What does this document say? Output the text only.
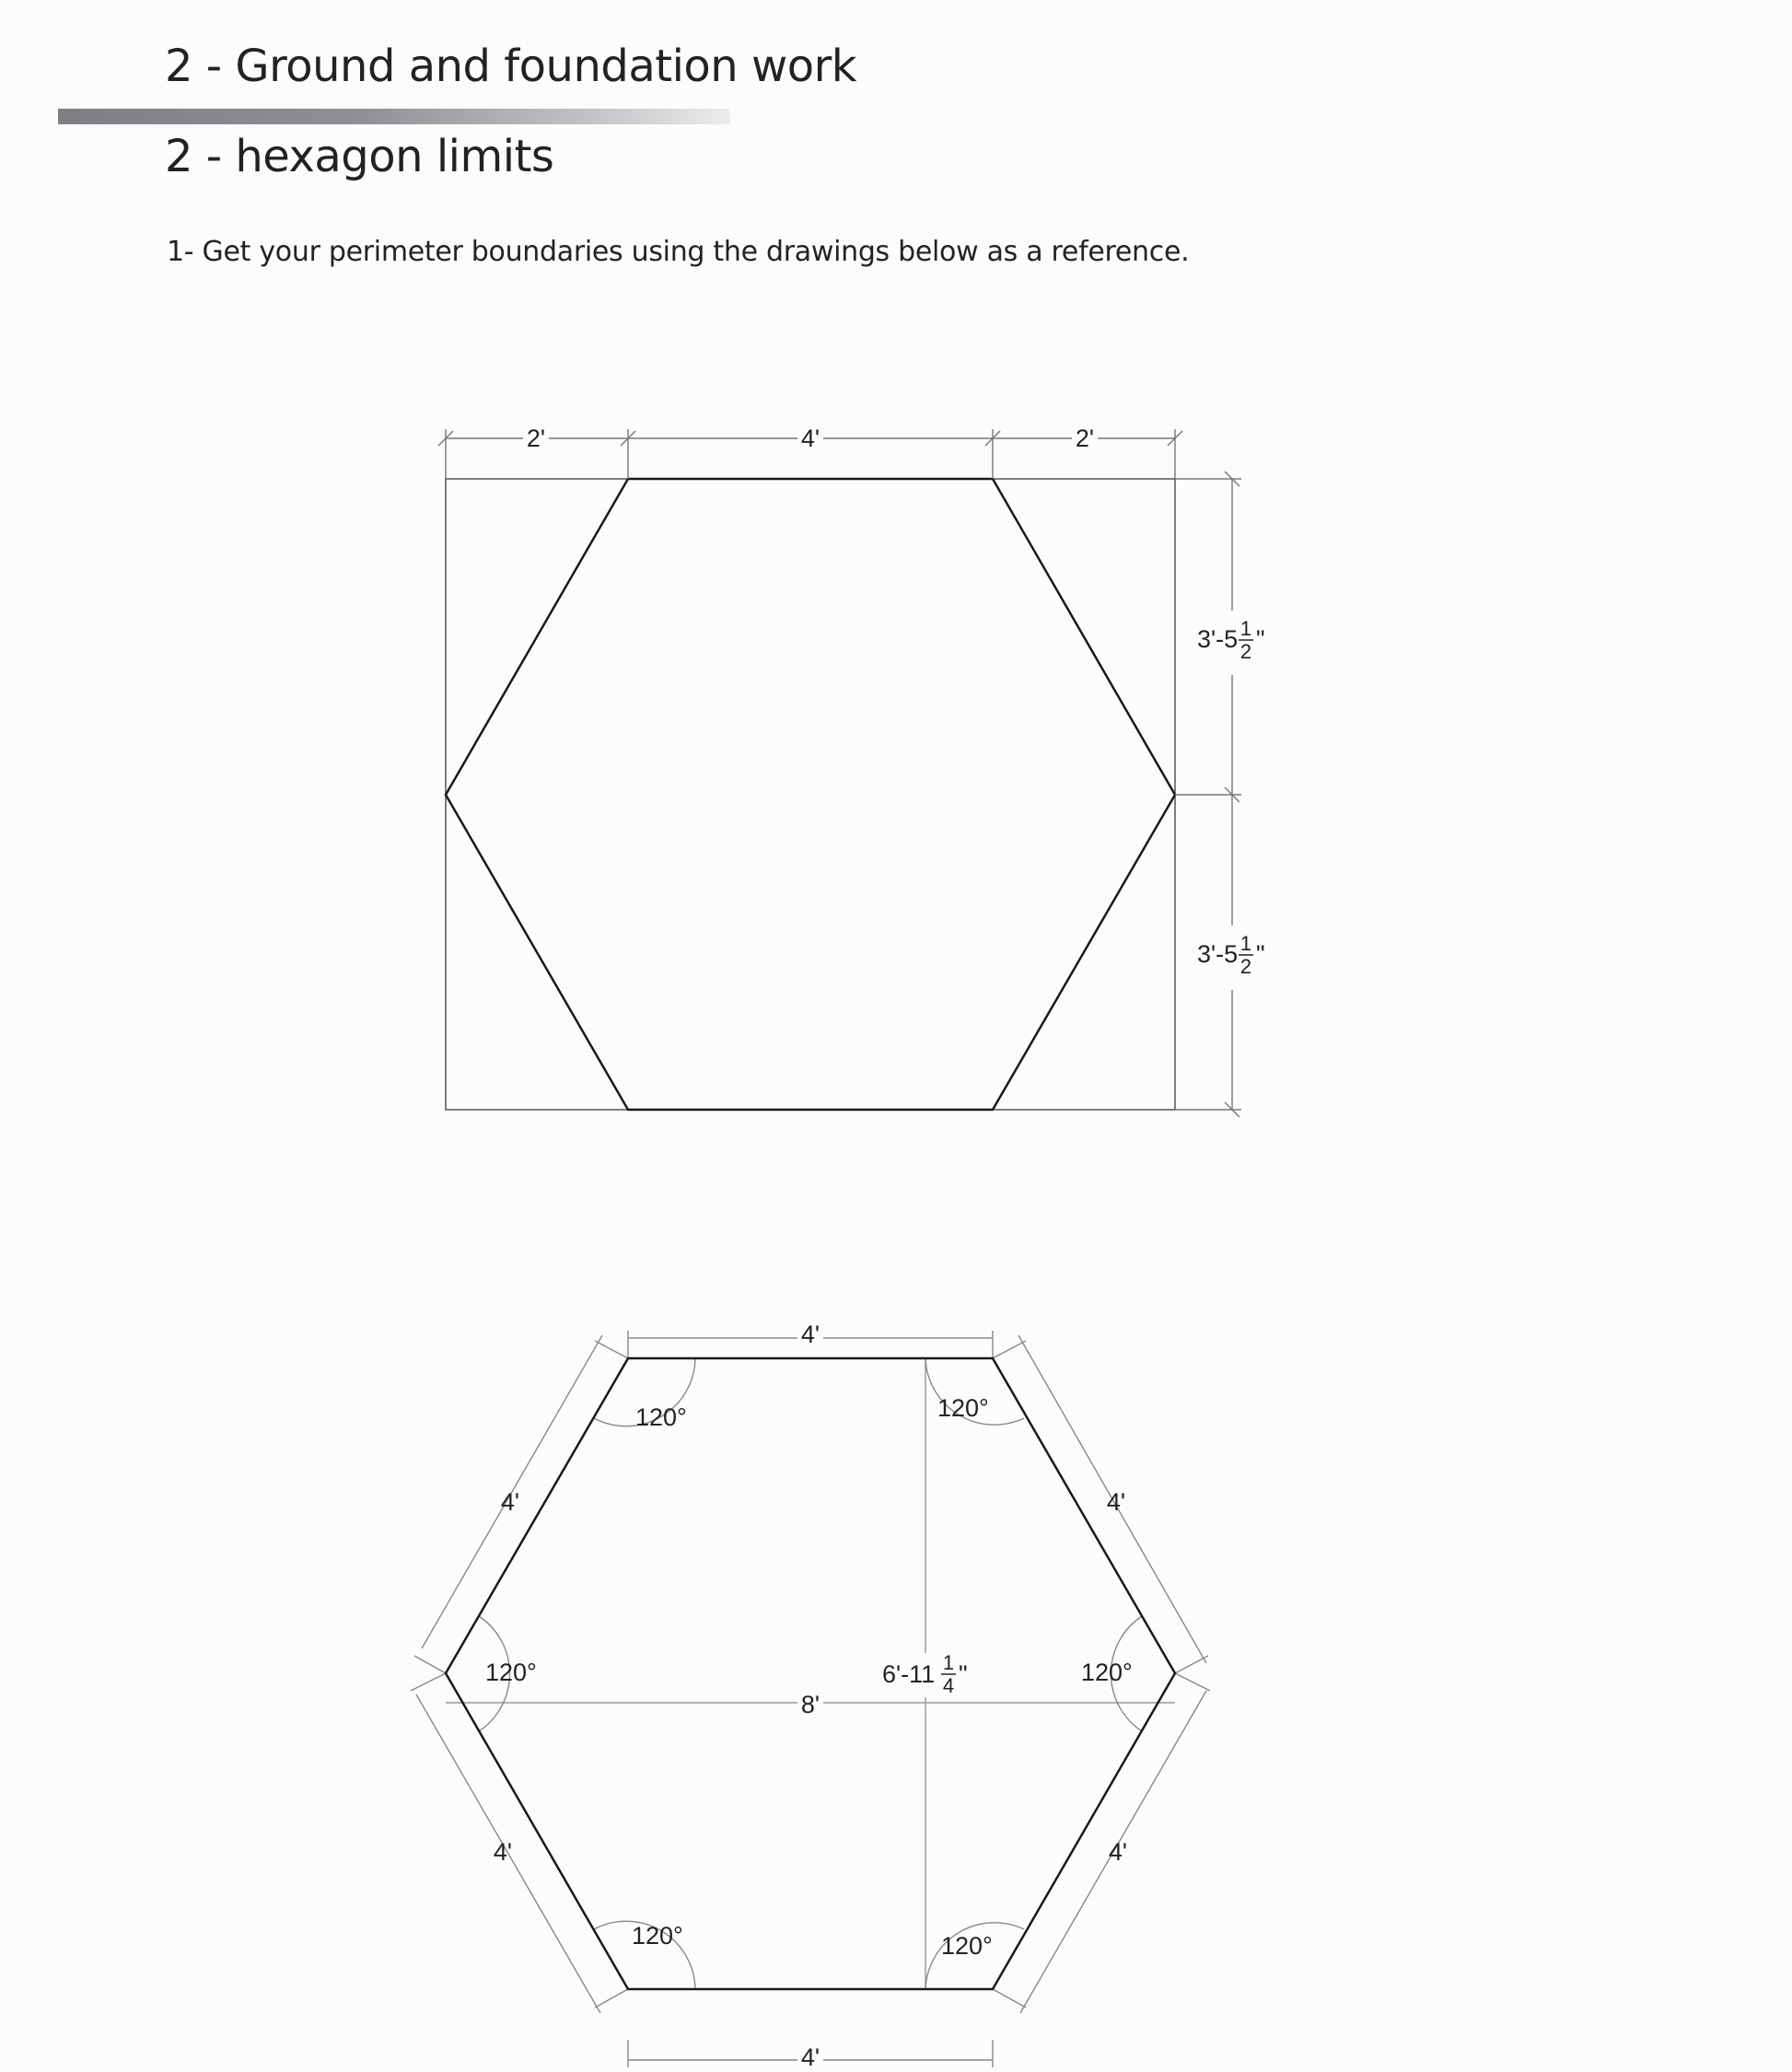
2 - Ground and foundation work
2 - hexagon limits
1- Get your perimeter boundaries using the drawings below as a reference.
2'	4'	2'
3'-5 1
2 "
3'-5 1
2 "
4'
4'
4'	4'
4'	4'
8'
6'-11 1
4 "
120°	120°
120°	120°
120°	120°
